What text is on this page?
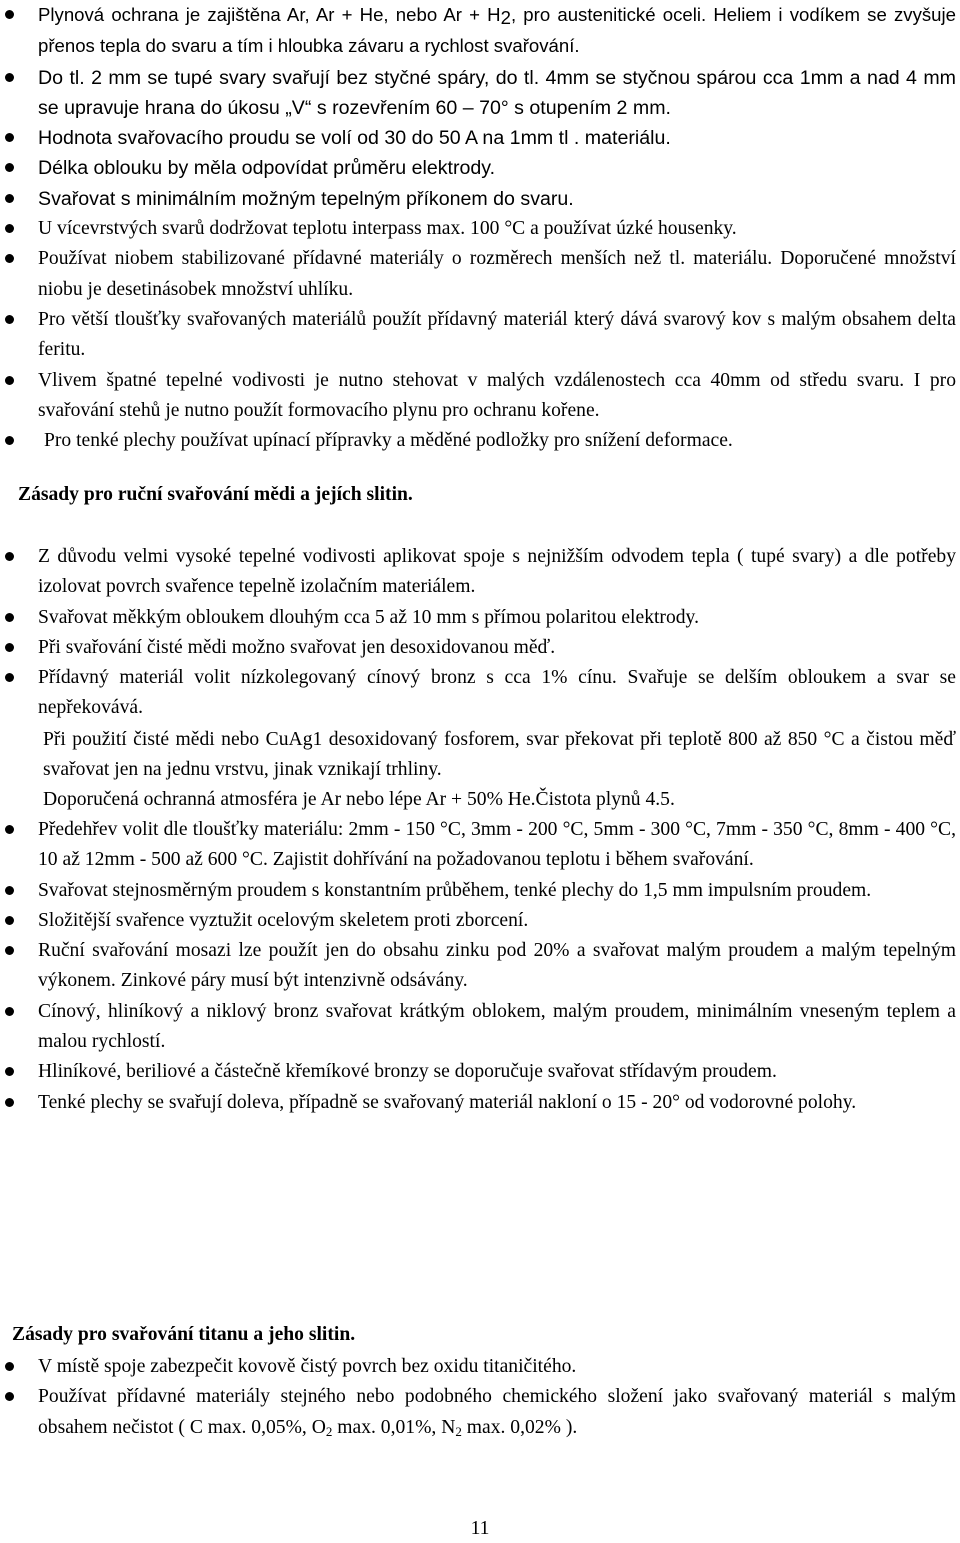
Plynová ochrana je zajištěna Ar, Ar + He, nebo $Ar + H_2$, pro austenitické oceli. Heliem i vodíkem se zvyšuje přenos tepla do svaru a tím i hloubka závaru a rychlost svařování.
Do tl. 2 mm se tupé svary svařují bez styčné spáry, do tl. 4mm se styčnou spárou cca 1mm a nad 4 mm se upravuje hrana do úkosu „V“ s rozevřením 60 – 70° s otupením 2 mm.
Hodnota svařovacího proudu se volí od 30 do 50 A na 1mm tl . materiálu.
Délka oblouku by měla odpovídat průměru elektrody.
Svařovat s minimálním možným tepelným příkonem do svaru.
U vícevrstvých svarů dodržovat teplotu interpass max. 100 °C a používat úzké housenky.
Používat niobem stabilizované přídavné materiály o rozměrech menších než tl. materiálu. Doporučené množství niobu je desetinásobek množství uhlíku.
Pro větší tloušťky svařovaných materiálů použít přídavný materiál který dává svarový kov s malým obsahem delta feritu.
Vlivem špatné tepelné vodivosti je nutno stehovat v malých vzdálenostech cca 40mm od středu svaru. I pro svařování stehů je nutno použít formovacího plynu pro ochranu kořene.
Pro tenké plechy používat upínací přípravky a měděné podložky pro snížení deformace.
Zásady pro ruční svařování mědi a jejích slitin.
Z důvodu velmi vysoké tepelné vodivosti aplikovat spoje s nejnižším odvodem tepla ( tupé svary) a dle potřeby izolovat povrch svařence tepelně izolačním materiálem.
Svařovat měkkým obloukem dlouhým cca 5 až 10 mm s přímou polaritou elektrody.
Při svařování čisté mědi možno svařovat jen desoxidovanou měď.
Přídavný materiál volit nízkolegovaný cínový bronz s cca 1% cínu. Svařuje se delším obloukem a svar se nepřekovává.
Při použití čisté mědi nebo CuAg1 desoxidovaný fosforem, svar překovat při teplotě 800 až 850 °C a čistou měď svařovat jen na jednu vrstvu, jinak vznikají trhliny.
Doporučená ochranná atmosféra je Ar nebo lépe Ar + 50% He.Čistota plynů 4.5.
Předehřev volit dle tloušťky materiálu: 2mm - 150 °C, 3mm - 200 °C, 5mm - 300 °C, 7mm - 350 °C, 8mm - 400 °C, 10 až 12mm - 500 až 600 °C. Zajistit dohřívání na požadovanou teplotu i během svařování.
Svařovat stejnosměrným proudem s konstantním průběhem, tenké plechy do 1,5 mm impulsním proudem.
Složitější svařence vyztužit ocelovým skeletem proti zborcení.
Ruční svařování mosazi lze použít jen do obsahu zinku pod 20% a svařovat malým proudem a malým tepelným výkonem. Zinkové páry musí být intenzivně odsávány.
Cínový, hliníkový a niklový bronz svařovat krátkým oblokem, malým proudem, minimálním vneseným teplem a malou rychlostí.
Hliníkové, beriliové a částečně křemíkové bronzy se doporučuje svařovat střídavým proudem.
Tenké plechy se svařují doleva, případně se svařovaný materiál nakloní o 15 - 20° od vodorovné polohy.
Zásady pro svařování titanu a jeho slitin.
V místě spoje zabezpečit kovově čistý povrch bez oxidu titaničitého.
Používat přídavné materiály stejného nebo podobného chemického složení jako svařovaný materiál s malým obsahem nečistot ( C max. 0,05%, $O_2$ max. 0,01%, $N_2$ max. 0,02% ).
11
